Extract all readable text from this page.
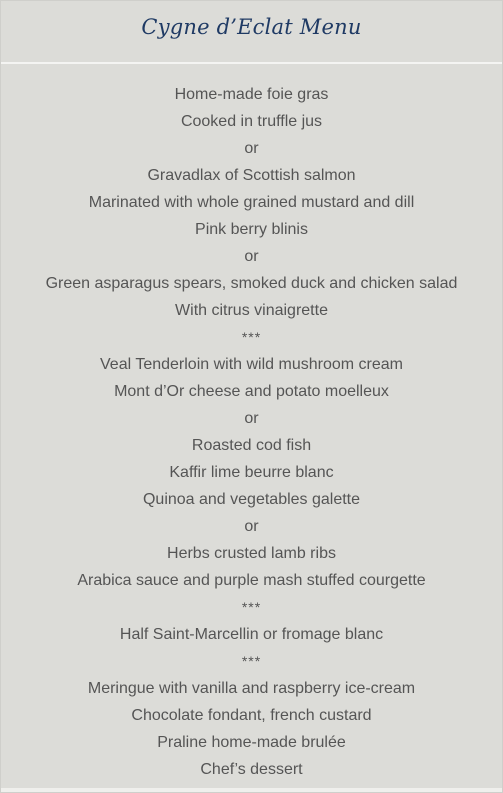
Cygne d’Eclat Menu
Home-made foie gras
Cooked in truffle jus
or
Gravadlax of Scottish salmon
Marinated with whole grained mustard and dill
Pink berry blinis
or
Green asparagus spears, smoked duck and chicken salad
With citrus vinaigrette
***
Veal Tenderloin with wild mushroom cream
Mont d’Or cheese and potato moelleux
or
Roasted cod fish
Kaffir lime beurre blanc
Quinoa and vegetables galette
or
Herbs crusted lamb ribs
Arabica sauce and purple mash stuffed courgette
***
Half Saint-Marcellin or fromage blanc
***
Meringue with vanilla and raspberry ice-cream
Chocolate fondant, french custard
Praline home-made brulée
Chef’s dessert
